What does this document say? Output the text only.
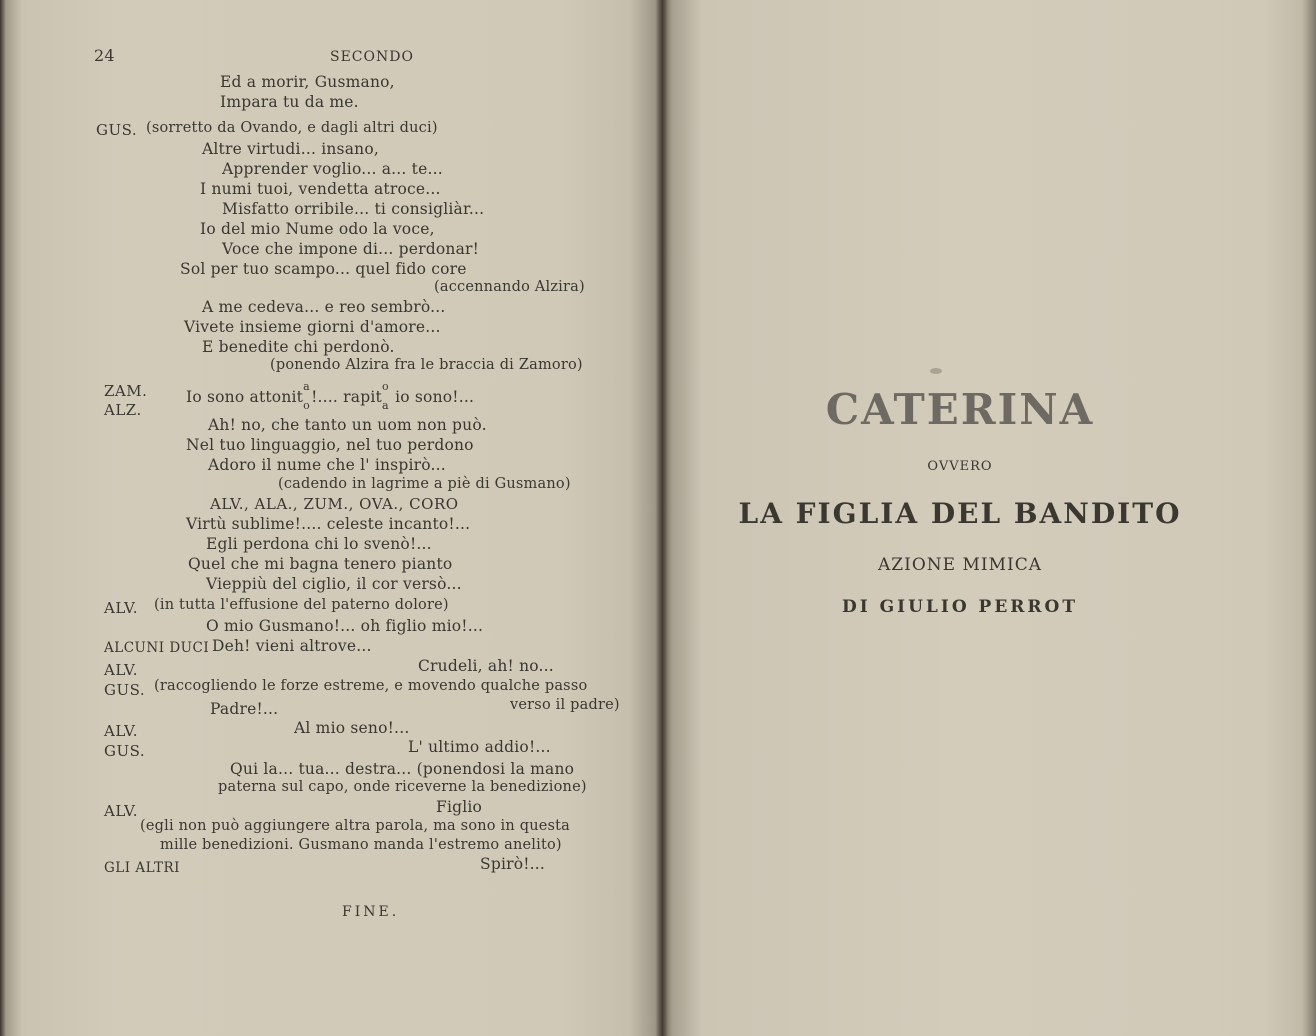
24	SECONDO
Ed a morir, Gusmano,
Impara tu da me.
GUS. (sorretto da Ovando, e dagli altri duci)
Altre virtudi... insano,
Apprender voglio... a... te...
I numi tuoi, vendetta atroce...
Misfatto orribile... ti consigliàr...
Io del mio Nume odo la voce,
Voce che impone di... perdonar!
Sol per tuo scampo... quel fido core
(accennando Alzira)
A me cedeva... e reo sembrò...
Vivete insieme giorni d'amore...
E benedite chi perdonò.
(ponendo Alzira fra le braccia di Zamoro)
ZAM.
ALZ.
Io sono attonit
a
o !.... rapit
o
a io sono!...
Ah! no, che tanto un uom non può.
Nel tuo linguaggio, nel tuo perdono
Adoro il nume che l' inspirò...
(cadendo in lagrime a piè di Gusmano)
ALV., ALA., ZUM., OVA., CORO
Virtù sublime!.... celeste incanto!...
Egli perdona chi lo svenò!...
Quel che mi bagna tenero pianto
Vieppiù del ciglio, il cor versò...
ALV. (in tutta l'effusione del paterno dolore)
O mio Gusmano!... oh figlio mio!...
ALCUNI DUCI Deh! vieni altrove...
ALV.	Crudeli, ah! no...
GUS. (raccogliendo le forze estreme, e movendo qualche passo
Padre!...	verso il padre)
ALV.	Al mio seno!...
GUS.	L' ultimo addio!...
Qui la... tua... destra... (ponendosi la mano
paterna sul capo, onde riceverne la benedizione)
ALV.	Figlio
(egli non può aggiungere altra parola, ma sono in questa
mille benedizioni. Gusmano manda l'estremo anelito)
GLI ALTRI	Spirò!...
FINE.
CATERINA
OVVERO
LA FIGLIA DEL BANDITO
AZIONE MIMICA
DI GIULIO PERROT
